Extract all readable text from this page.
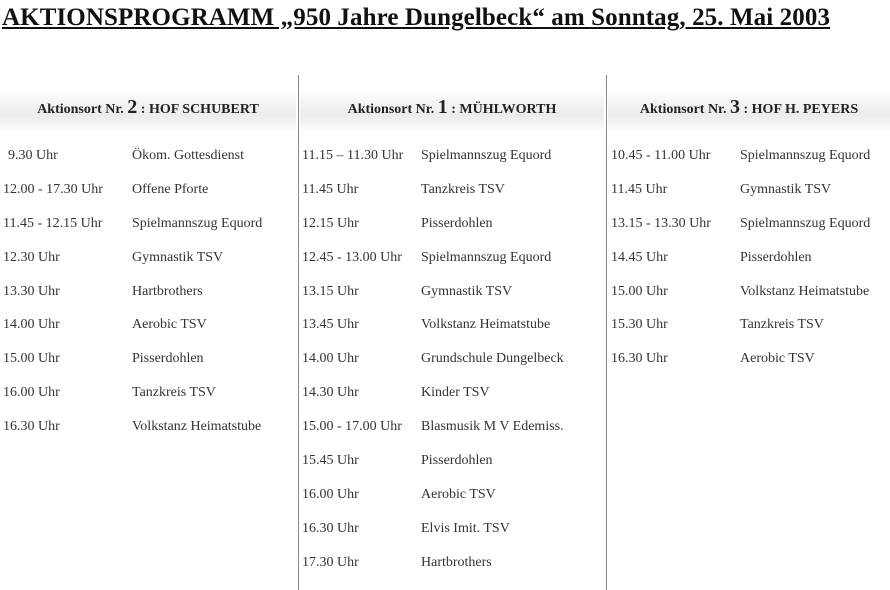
AKTIONSPROGRAMM „950 Jahre Dungelbeck“ am Sonntag, 25. Mai 2003
Aktionsort Nr. 2 : HOF SCHUBERT
9.30 Uhr	Ökom. Gottesdienst
12.00 - 17.30 Uhr Offene Pforte
11.45 - 12.15 Uhr Spielmannszug Equord
12.30 Uhr	Gymnastik TSV
13.30 Uhr	Hartbrothers
14.00 Uhr	Aerobic TSV
15.00 Uhr	Pisserdohlen
16.00 Uhr	Tanzkreis TSV
16.30 Uhr	Volkstanz Heimatstube
Aktionsort Nr. 1 : MÜHLWORTH
11.15 – 11.30 Uhr Spielmannszug Equord
11.45 Uhr	Tanzkreis TSV
12.15 Uhr	Pisserdohlen
12.45 - 13.00 Uhr Spielmannszug Equord
13.15 Uhr	Gymnastik TSV
13.45 Uhr	Volkstanz Heimatstube
14.00 Uhr	Grundschule Dungelbeck
14.30 Uhr	Kinder TSV
15.00 - 17.00 Uhr Blasmusik M V Edemiss.
15.45 Uhr	Pisserdohlen
16.00 Uhr	Aerobic TSV
16.30 Uhr	Elvis Imit. TSV
17.30 Uhr	Hartbrothers
Aktionsort Nr. 3 : HOF H. PEYERS
10.45 - 11.00 Uhr Spielmannszug Equord
11.45 Uhr	Gymnastik TSV
13.15 - 13.30 Uhr Spielmannszug Equord
14.45 Uhr	Pisserdohlen
15.00 Uhr	Volkstanz Heimatstube
15.30 Uhr	Tanzkreis TSV
16.30 Uhr	Aerobic TSV
